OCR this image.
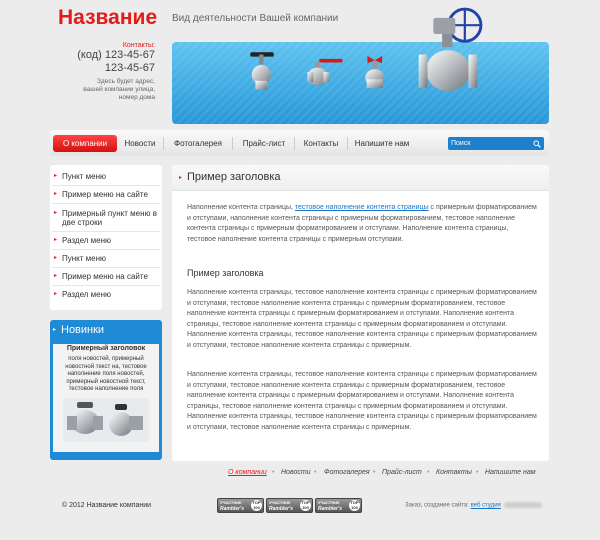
Название Вид деятельности Вашей компании
Контакты:
(код) 123-45-67
123-45-67
Здесь будет адрес,
вашей компании улица,
номер дома
О компании	Новости	Фотогалерея	Прайс-лист	Контакты	Напишите нам
Поиск
▸ Пункт меню
▸ Пример меню на сайте
▸ Примерный пункт меню в две строки
▸ Раздел меню
▸ Пункт меню
▸ Пример меню на сайте
▸ Раздел меню
▸ Новинки
Примерный заголовок
поля новостей, примерный новостной текст на, тестовое наполнение поля новостей, примерный новостной текст, тестовое наполнение поля
▸ Пример заголовка
Наполнение контента страницы, тестовое наполнение контента страницы с примерным форматированием и отступами, наполнение контента страницы с примерным форматированием, тестовое наполнение контента страницы с примерным форматированием и отступами. Наполнение контента страницы, тестовое наполнение контента страницы с примерным отступами.
Пример заголовка
Наполнение контента страницы, тестовое наполнение контента страницы с примерным форматированием и отступами, тестовое наполнение контента страницы с примерным форматированием, тестовое наполнение контента страницы с примерным форматированием и отступами. Наполнение контента страницы, тестовое наполнение контента страницы с примерным форматированием и отступами. Наполнение контента страницы, тестовое наполнение контента страницы с примерным форматированием и отступами, тестовое наполнение контента страницы с примерным.
Наполнение контента страницы, тестовое наполнение контента страницы с примерным форматированием и отступами, тестовое наполнение контента страницы с примерным форматированием, тестовое наполнение контента страницы с примерным форматированием и отступами. Наполнение контента страницы, тестовое наполнение контента страницы с примерным форматированием и отступами. Наполнение контента страницы, тестовое наполнение контента страницы с примерным форматированием и отступами, тестовое наполнение контента страницы с примерным.
О компании • Новости • Фотогалерея • Прайс-лист • Контакты • Напишите нам
© 2012 Название компании	УЧАСТНИК
Rambler's
TOP 100
УЧАСТНИК
Rambler's
TOP 100
УЧАСТНИК
Rambler's
TOP 100	Заказ, создание сайта: веб студия
